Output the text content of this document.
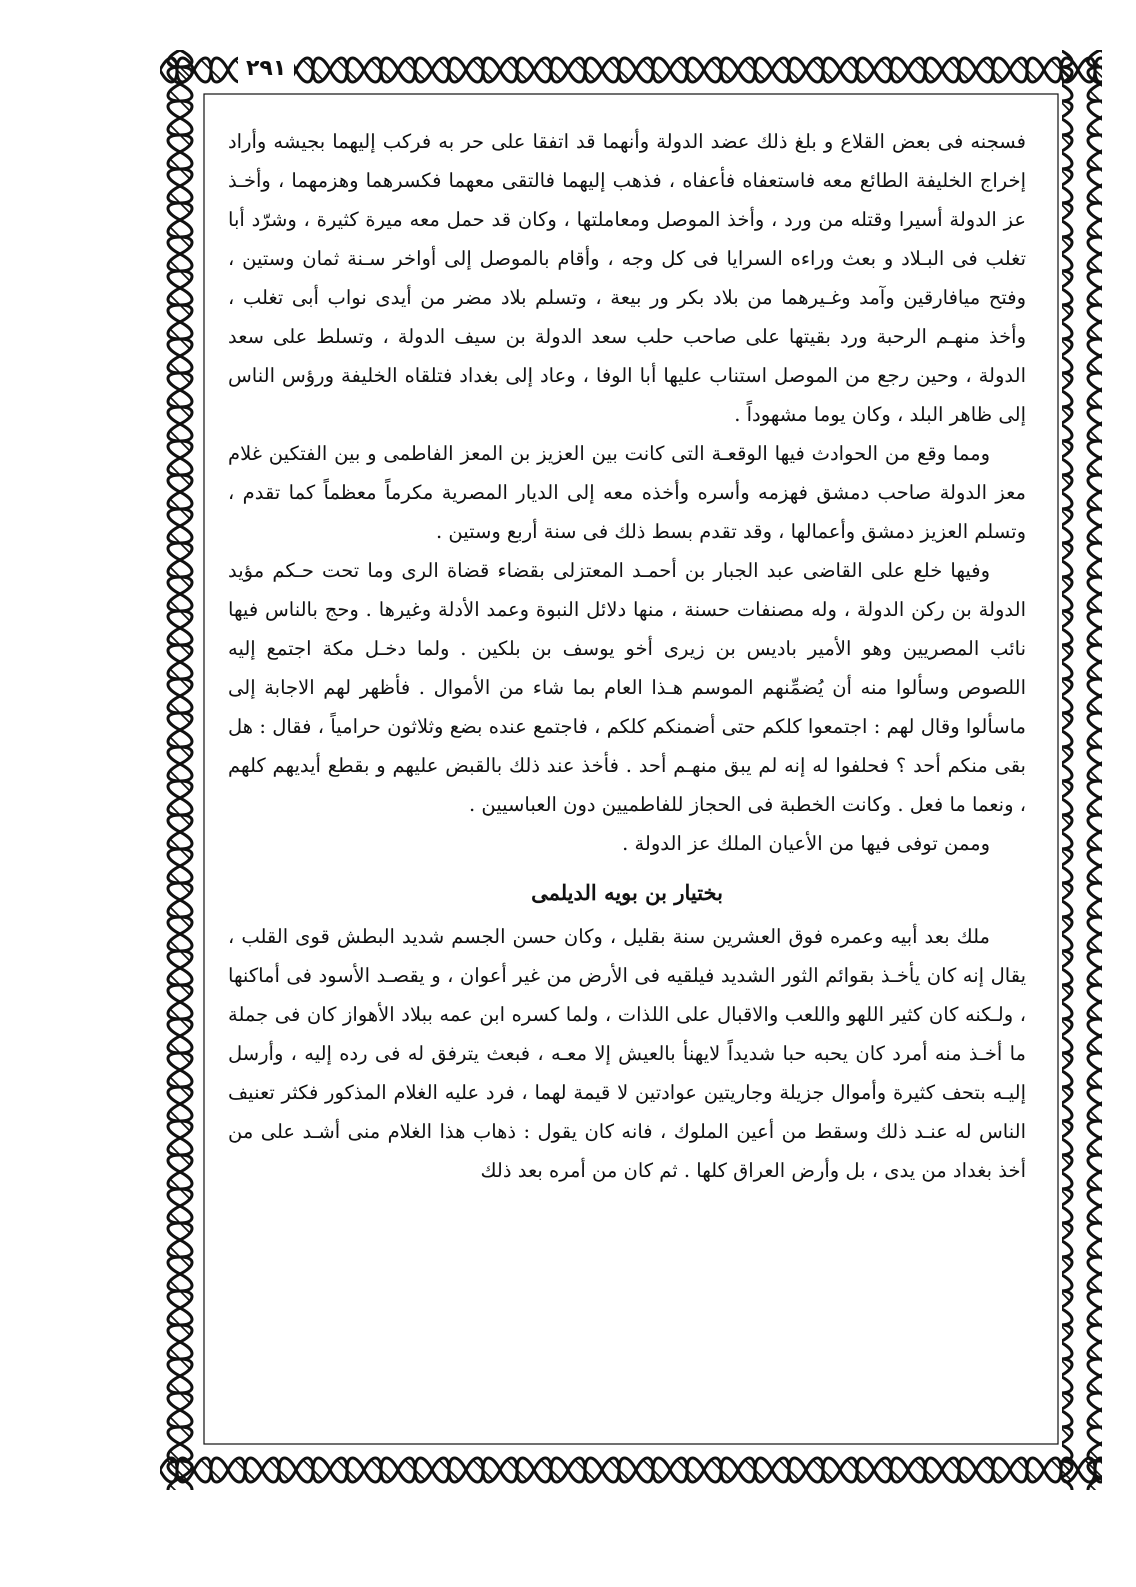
٢٩١

فسجنه فى بعض القلاع و بلغ ذلك عضد الدولة وأنهما قد اتفقا على حر به فركب إليهما بجيشه وأراد إخراج الخليفة الطائع معه فاستعفاه فأعفاه ، فذهب إليهما فالتقى معهما فكسرهما وهزمهما ، وأخـذ عز الدولة أسيرا وقتله من ورد ، وأخذ الموصل ومعاملتها ، وكان قد حمل معه ميرة كثيرة ، وشرّد أبا تغلب فى البـلاد و بعث وراءه السرايا فى كل وجه ، وأقام بالموصل إلى أواخر سـنة ثمان وستين ، وفتح ميافارقين وآمد وغـيرهما من بلاد بكر ور بيعة ، وتسلم بلاد مضر من أيدى نواب أبى تغلب ، وأخذ منهـم الرحبة ورد بقيتها على صاحب حلب سعد الدولة بن سيف الدولة ، وتسلط على سعد الدولة ، وحين رجع من الموصل استناب عليها أبا الوفا ، وعاد إلى بغداد فتلقاه الخليفة ورؤس الناس إلى ظاهر البلد ، وكان يوما مشهوداً .

ومما وقع من الحوادث فيها الوقعـة التى كانت بين العزيز بن المعز الفاطمى و بين الفتكين غلام معز الدولة صاحب دمشق فهزمه وأسره وأخذه معه إلى الديار المصرية مكرماً معظماً كما تقدم ، وتسلم العزيز دمشق وأعمالها ، وقد تقدم بسط ذلك فى سنة أربع وستين .

وفيها خلع على القاضى عبد الجبار بن أحمـد المعتزلى بقضاء قضاة الرى وما تحت حـكم مؤيد الدولة بن ركن الدولة ، وله مصنفات حسنة ، منها دلائل النبوة وعمد الأدلة وغيرها . وحج بالناس فيها نائب المصريين وهو الأمير باديس بن زيرى أخو يوسف بن بلكين . ولما دخـل مكة اجتمع إليه اللصوص وسألوا منه أن يُضمِّنهم الموسم هـذا العام بما شاء من الأموال . فأظهر لهم الاجابة إلى ماسألوا وقال لهم : اجتمعوا كلكم حتى أضمنكم كلكم ، فاجتمع عنده بضع وثلاثون حرامياً ، فقال : هل بقى منكم أحد ؟ فحلفوا له إنه لم يبق منهـم أحد . فأخذ عند ذلك بالقبض عليهم و بقطع أيديهم كلهم ، ونعما ما فعل . وكانت الخطبة فى الحجاز للفاطميين دون العباسيين .

وممن توفى فيها من الأعيان الملك عز الدولة .

بختيار بن بويه الديلمى

ملك بعد أبيه وعمره فوق العشرين سنة بقليل ، وكان حسن الجسم شديد البطش قوى القلب ، يقال إنه كان يأخـذ بقوائم الثور الشديد فيلقيه فى الأرض من غير أعوان ، و يقصـد الأسود فى أماكنها ، ولـكنه كان كثير اللهو واللعب والاقبال على اللذات ، ولما كسره ابن عمه ببلاد الأهواز كان فى جملة ما أخـذ منه أمرد كان يحبه حبا شديداً لايهنأ بالعيش إلا معـه ، فبعث يترفق له فى رده إليه ، وأرسل إليـه بتحف كثيرة وأموال جزيلة وجاريتين عوادتين لا قيمة لهما ، فرد عليه الغلام المذكور فكثر تعنيف الناس له عنـد ذلك وسقط من أعين الملوك ، فانه كان يقول : ذهاب هذا الغلام منى أشـد على من أخذ بغداد من يدى ، بل وأرض العراق كلها . ثم كان من أمره بعد ذلك
